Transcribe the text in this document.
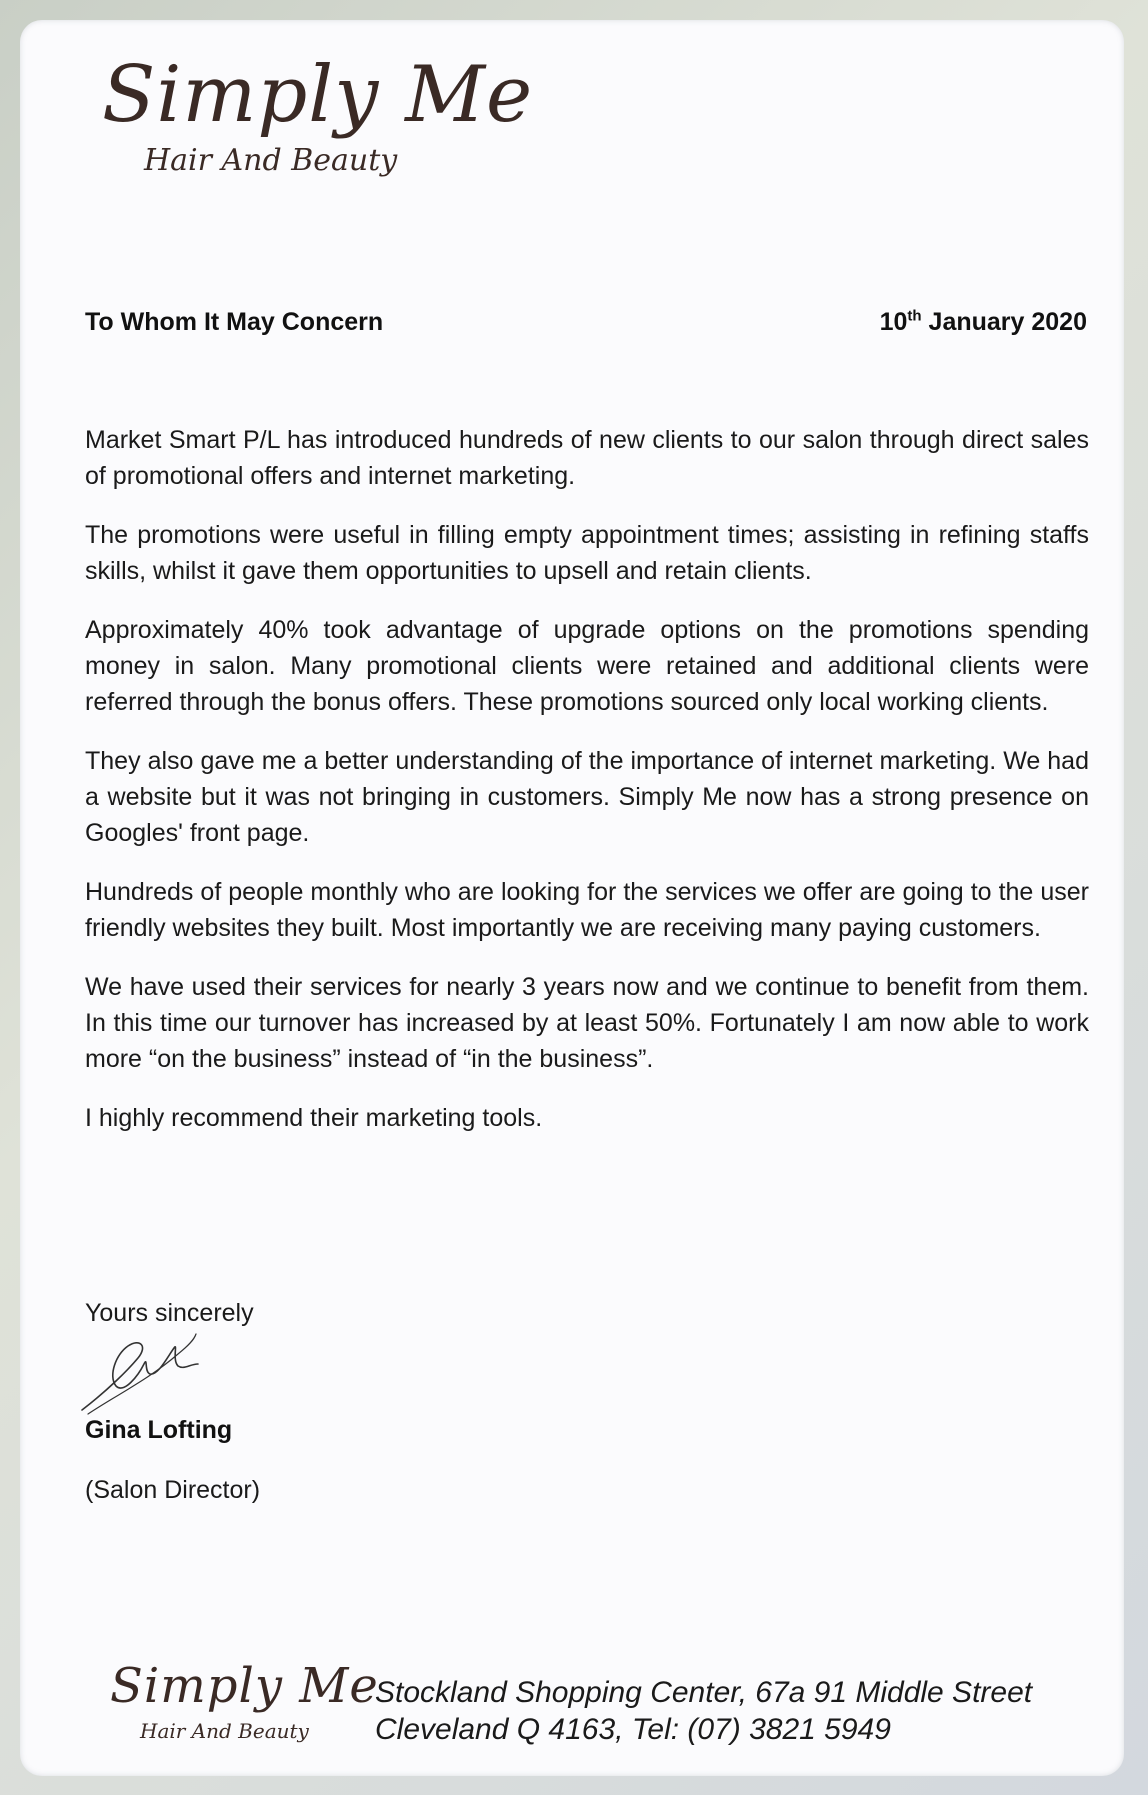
Simply Me
Hair And Beauty
To Whom It May Concern	10th January 2020

Market Smart P/L has introduced hundreds of new clients to our salon through direct sales of promotional offers and internet marketing.

The promotions were useful in filling empty appointment times; assisting in refining staffs skills, whilst it gave them opportunities to upsell and retain clients.

Approximately 40% took advantage of upgrade options on the promotions spending money in salon. Many promotional clients were retained and additional clients were referred through the bonus offers. These promotions sourced only local working clients.

They also gave me a better understanding of the importance of internet marketing. We had a website but it was not bringing in customers. Simply Me now has a strong presence on Googles' front page.

Hundreds of people monthly who are looking for the services we offer are going to the user friendly websites they built. Most importantly we are receiving many paying customers.

We have used their services for nearly 3 years now and we continue to benefit from them. In this time our turnover has increased by at least 50%. Fortunately I am now able to work more “on the business” instead of “in the business”.

I highly recommend their marketing tools.

Yours sincerely
Gina Lofting
(Salon Director)
Simply Me
Hair And Beauty
Stockland Shopping Center, 67a 91 Middle Street
Cleveland Q 4163, Tel: (07) 3821 5949
